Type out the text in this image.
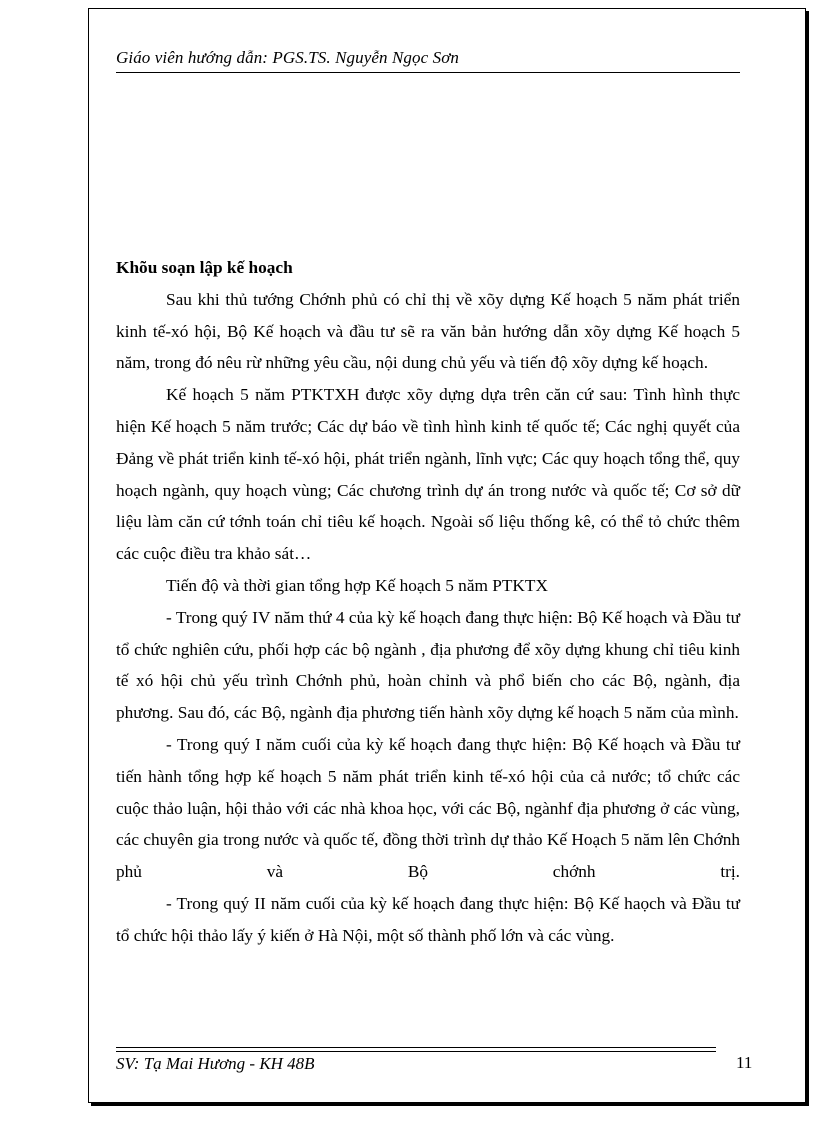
Giáo viên hướng dẫn: PGS.TS. Nguyễn Ngọc Sơn

Khõu soạn lập kế hoạch

Sau khi thủ tướng Chớnh phủ có chỉ thị về xõy dựng Kế hoạch 5 năm phát triển kinh tế-xó hội, Bộ Kế hoạch và đầu tư sẽ ra văn bản hướng dẫn xõy dựng Kế hoạch 5 năm, trong đó nêu rừ những yêu cầu, nội dung chủ yếu và tiến độ xõy dựng kế hoạch.

Kế hoạch 5 năm PTKTXH được xõy dựng dựa trên căn cứ sau: Tình hình thực hiện Kế hoạch 5 năm trước; Các dự báo về tình hình kinh tế quốc tế; Các nghị quyết của Đảng về phát triển kinh tế-xó hội, phát triển ngành, lĩnh vực; Các quy hoạch tổng thể, quy hoạch ngành, quy hoạch vùng; Các chương trình dự án trong nước và quốc tế; Cơ sở dữ liệu làm căn cứ tớnh toán chỉ tiêu kế hoạch. Ngoài số liệu thống kê, có thể tỏ chức thêm các cuộc điều tra khảo sát…

Tiến độ và thời gian tổng hợp Kế hoạch 5 năm PTKTX

- Trong quý IV năm thứ 4 của kỳ kế hoạch đang thực hiện: Bộ Kế hoạch và Đầu tư tổ chức nghiên cứu, phối hợp các bộ ngành , địa phương để xõy dựng khung chỉ tiêu kinh tế xó hội chủ yếu trình Chớnh phủ, hoàn chỉnh và phổ biến cho các Bộ, ngành, địa phương. Sau đó, các Bộ, ngành địa phương tiến hành xõy dựng kế hoạch 5 năm của mình.

- Trong quý I năm cuối của kỳ kế hoạch đang thực hiện: Bộ Kế hoạch và Đầu tư tiến hành tổng hợp kế hoạch 5 năm phát triển kinh tế-xó hội của cả nước; tổ chức các cuộc thảo luận, hội thảo với các nhà khoa học, với các Bộ, ngànhf địa phương ở các vùng, các chuyên gia trong nước và quốc tế, đồng thời trình dự thảo Kế Hoạch 5 năm lên Chớnh phủ và Bộ chớnh trị.

- Trong quý II năm cuối của kỳ kế hoạch đang thực hiện: Bộ Kế haọch và Đầu tư tổ chức hội thảo lấy ý kiến ở Hà Nội, một số thành phố lớn và các vùng.

SV: Tạ Mai Hương - KH 48B	11
